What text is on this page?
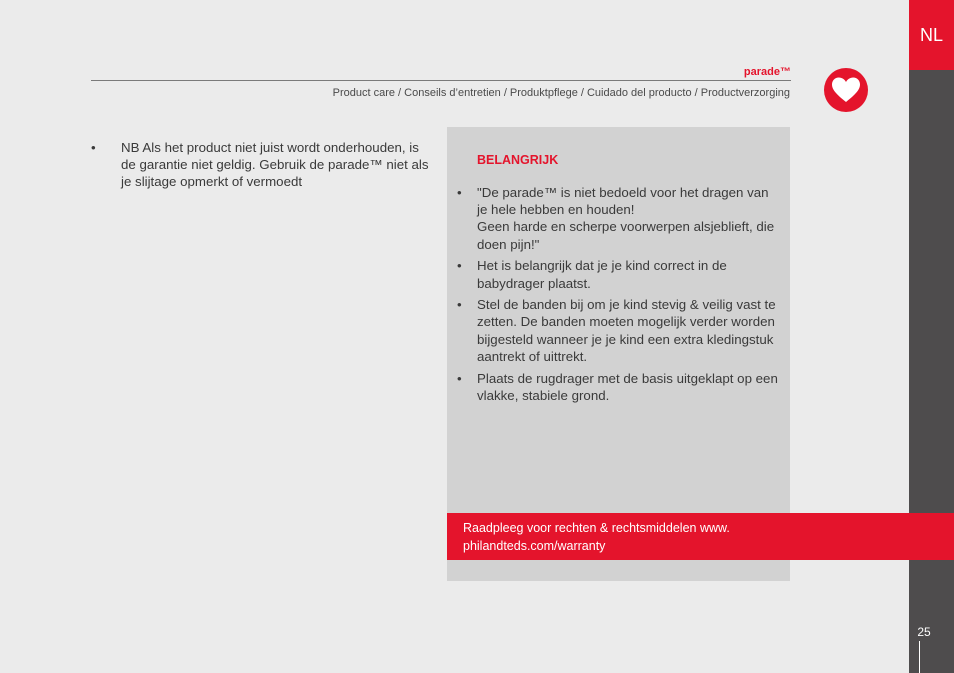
NL
25
parade™
Product care / Conseils d’entretien / Produktpflege / Cuidado del producto / Productverzorging
• NB Als het product niet juist wordt onderhouden, is de garantie niet geldig. Gebruik de parade™ niet als je slijtage opmerkt of vermoedt
BELANGRIJK
• "De parade™ is niet bedoeld voor het dragen van je hele hebben en houden!
Geen harde en scherpe voorwerpen alsjeblieft, die doen pijn!"
• Het is belangrijk dat je je kind correct in de babydrager plaatst.
• Stel de banden bij om je kind stevig & veilig vast te zetten. De banden moeten mogelijk verder worden bijgesteld wanneer je je kind een extra kledingstuk aantrekt of uittrekt.
• Plaats de rugdrager met de basis uitgeklapt op een vlakke, stabiele grond.
Raadpleeg voor rechten & rechtsmiddelen www. philandteds.com/warranty
